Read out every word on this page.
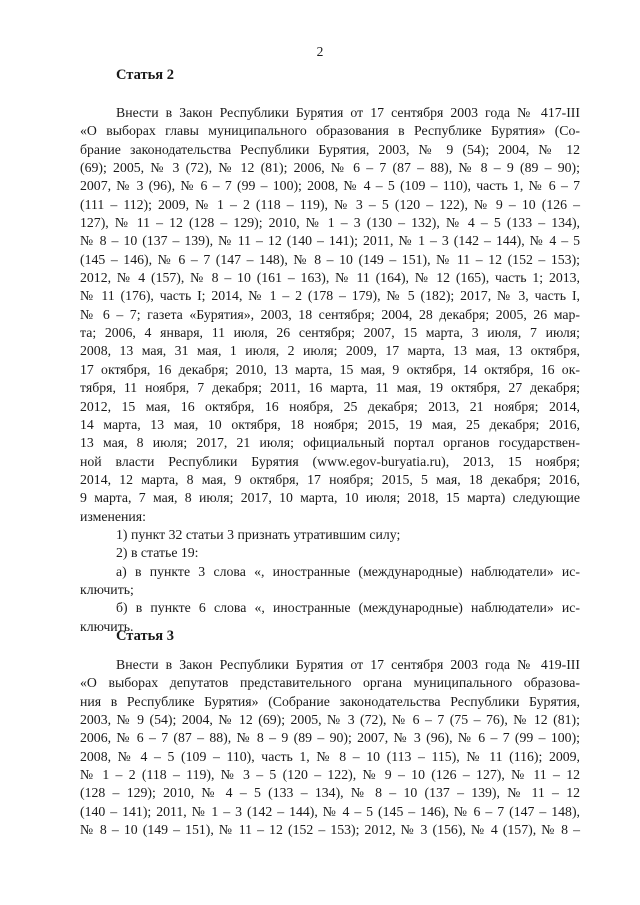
2
Статья 2
Внести в Закон Республики Бурятия от 17 сентября 2003 года № 417-III
«О выборах главы муниципального образования в Республике Бурятия» (Со-
брание законодательства Республики Бурятия, 2003, № 9 (54); 2004, № 12
(69); 2005, № 3 (72), № 12 (81); 2006, № 6 – 7 (87 – 88), № 8 – 9 (89 – 90);
2007, № 3 (96), № 6 – 7 (99 – 100); 2008, № 4 – 5 (109 – 110), часть 1, № 6 – 7
(111 – 112); 2009, № 1 – 2 (118 – 119), № 3 – 5 (120 – 122), № 9 – 10 (126 –
127), № 11 – 12 (128 – 129); 2010, № 1 – 3 (130 – 132), № 4 – 5 (133 – 134),
№ 8 – 10 (137 – 139), № 11 – 12 (140 – 141); 2011, № 1 – 3 (142 – 144), № 4 – 5
(145 – 146), № 6 – 7 (147 – 148), № 8 – 10 (149 – 151), № 11 – 12 (152 – 153);
2012, № 4 (157), № 8 – 10 (161 – 163), № 11 (164), № 12 (165), часть 1; 2013,
№ 11 (176), часть I; 2014, № 1 – 2 (178 – 179), № 5 (182); 2017, № 3, часть I,
№ 6 – 7; газета «Бурятия», 2003, 18 сентября; 2004, 28 декабря; 2005, 26 мар-
та; 2006, 4 января, 11 июля, 26 сентября; 2007, 15 марта, 3 июля, 7 июля;
2008, 13 мая, 31 мая, 1 июля, 2 июля; 2009, 17 марта, 13 мая, 13 октября,
17 октября, 16 декабря; 2010, 13 марта, 15 мая, 9 октября, 14 октября, 16 ок-
тября, 11 ноября, 7 декабря; 2011, 16 марта, 11 мая, 19 октября, 27 декабря;
2012, 15 мая, 16 октября, 16 ноября, 25 декабря; 2013, 21 ноября; 2014,
14 марта, 13 мая, 10 октября, 18 ноября; 2015, 19 мая, 25 декабря; 2016,
13 мая, 8 июля; 2017, 21 июля; официальный портал органов государствен-
ной власти Республики Бурятия (www.egov-buryatia.ru), 2013, 15 ноября;
2014, 12 марта, 8 мая, 9 октября, 17 ноября; 2015, 5 мая, 18 декабря; 2016,
9 марта, 7 мая, 8 июля; 2017, 10 марта, 10 июля; 2018, 15 марта) следующие
изменения:
1) пункт 32 статьи 3 признать утратившим силу;
2) в статье 19:
а) в пункте 3 слова «, иностранные (международные) наблюдатели» ис-
ключить;
б) в пункте 6 слова «, иностранные (международные) наблюдатели» ис-
ключить.
Статья 3
Внести в Закон Республики Бурятия от 17 сентября 2003 года № 419-III
«О выборах депутатов представительного органа муниципального образова-
ния в Республике Бурятия» (Собрание законодательства Республики Бурятия,
2003, № 9 (54); 2004, № 12 (69); 2005, № 3 (72), № 6 – 7 (75 – 76), № 12 (81);
2006, № 6 – 7 (87 – 88), № 8 – 9 (89 – 90); 2007, № 3 (96), № 6 – 7 (99 – 100);
2008, № 4 – 5 (109 – 110), часть 1, № 8 – 10 (113 – 115), № 11 (116); 2009,
№ 1 – 2 (118 – 119), № 3 – 5 (120 – 122), № 9 – 10 (126 – 127), № 11 – 12
(128 – 129); 2010, № 4 – 5 (133 – 134), № 8 – 10 (137 – 139), № 11 – 12
(140 – 141); 2011, № 1 – 3 (142 – 144), № 4 – 5 (145 – 146), № 6 – 7 (147 – 148),
№ 8 – 10 (149 – 151), № 11 – 12 (152 – 153); 2012, № 3 (156), № 4 (157), № 8 –
